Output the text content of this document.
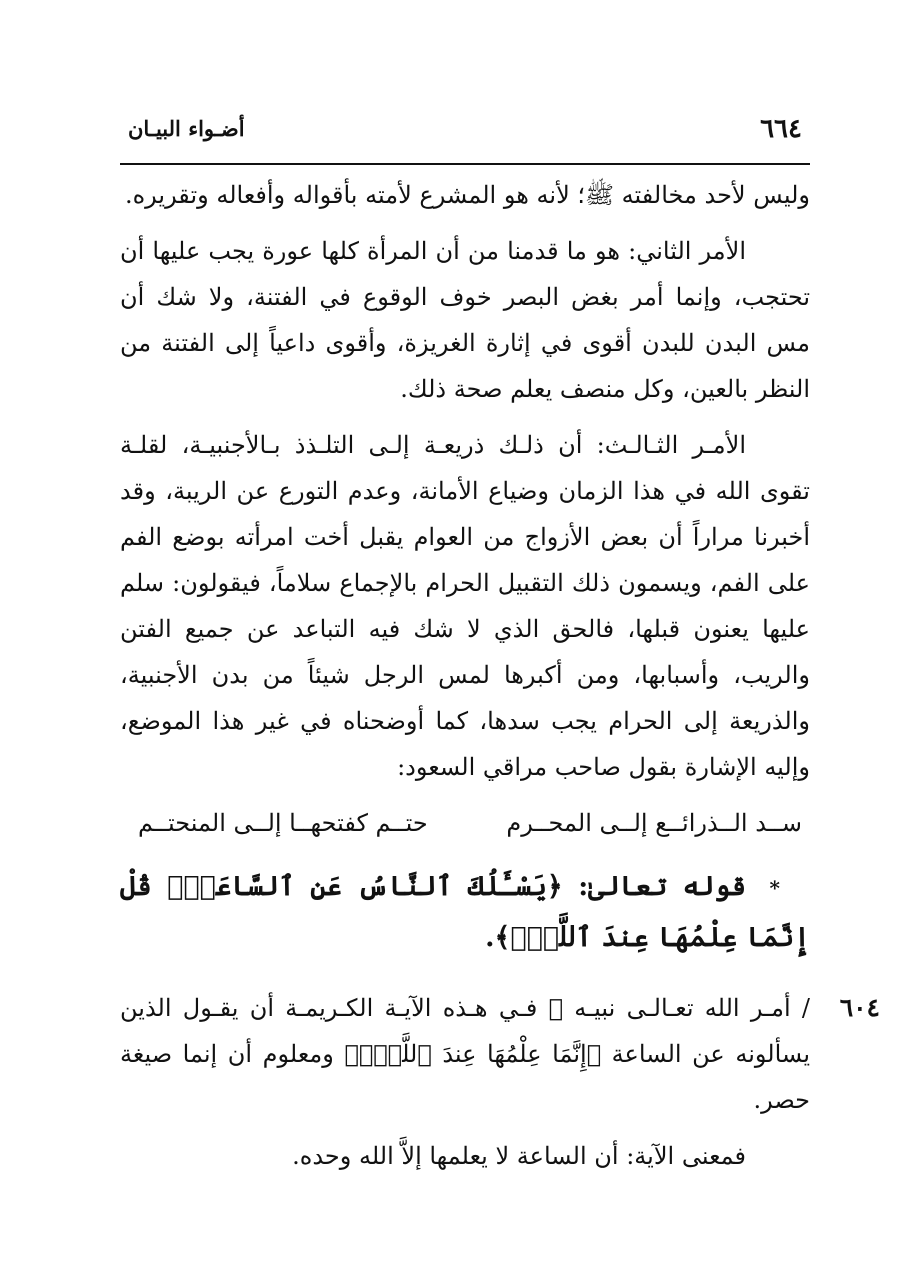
٦٦٤
أضـواء البيـان

وليس لأحد مخالفته ﷺ؛ لأنه هو المشرع لأمته بأقواله وأفعاله وتقريره.

الأمر الثاني: هو ما قدمنا من أن المرأة كلها عورة يجب عليها أن تحتجب، وإنما أمر بغض البصر خوف الوقوع في الفتنة، ولا شك أن مس البدن للبدن أقوى في إثارة الغريزة، وأقوى داعياً إلى الفتنة من النظر بالعين، وكل منصف يعلم صحة ذلك.

الأمـر الثـالـث: أن ذلـك ذريعـة إلـى التلـذذ بـالأجنبيـة، لقلـة تقوى الله في هذا الزمان وضياع الأمانة، وعدم التورع عن الريبة، وقد أخبرنا مراراً أن بعض الأزواج من العوام يقبل أخت امرأته بوضع الفم على الفم، ويسمون ذلك التقبيل الحرام بالإجماع سلاماً، فيقولون: سلم عليها يعنون قبلها، فالحق الذي لا شك فيه التباعد عن جميع الفتن والريب، وأسبابها، ومن أكبرها لمس الرجل شيئاً من بدن الأجنبية، والذريعة إلى الحرام يجب سدها، كما أوضحناه في غير هذا الموضع، وإليه الإشارة بقول صاحب مراقي السعود:

ســد الــذرائــع إلــى المحــرم
حتــم كفتحهــا إلــى المنحتــم
* قوله تعالىٰ: ﴿يَسْـَٔلُكَ ٱلنَّاسُ عَنِ ٱلسَّاعَةِۖ قُلْ إِنَّمَا عِلْمُهَا عِندَ ٱللَّهِۚ﴾.
٦٠٤

/ أمـر الله تعـالـى نبيـه ﷺ فـي هـذه الآيـة الكـريمـة أن يقـول الذين يسألونه عن الساعة ﴿إِنَّمَا عِلْمُهَا عِندَ ٱللَّهِۚ﴾ ومعلوم أن إنما صيغة حصر.

فمعنى الآية: أن الساعة لا يعلمها إلاَّ الله وحده.
